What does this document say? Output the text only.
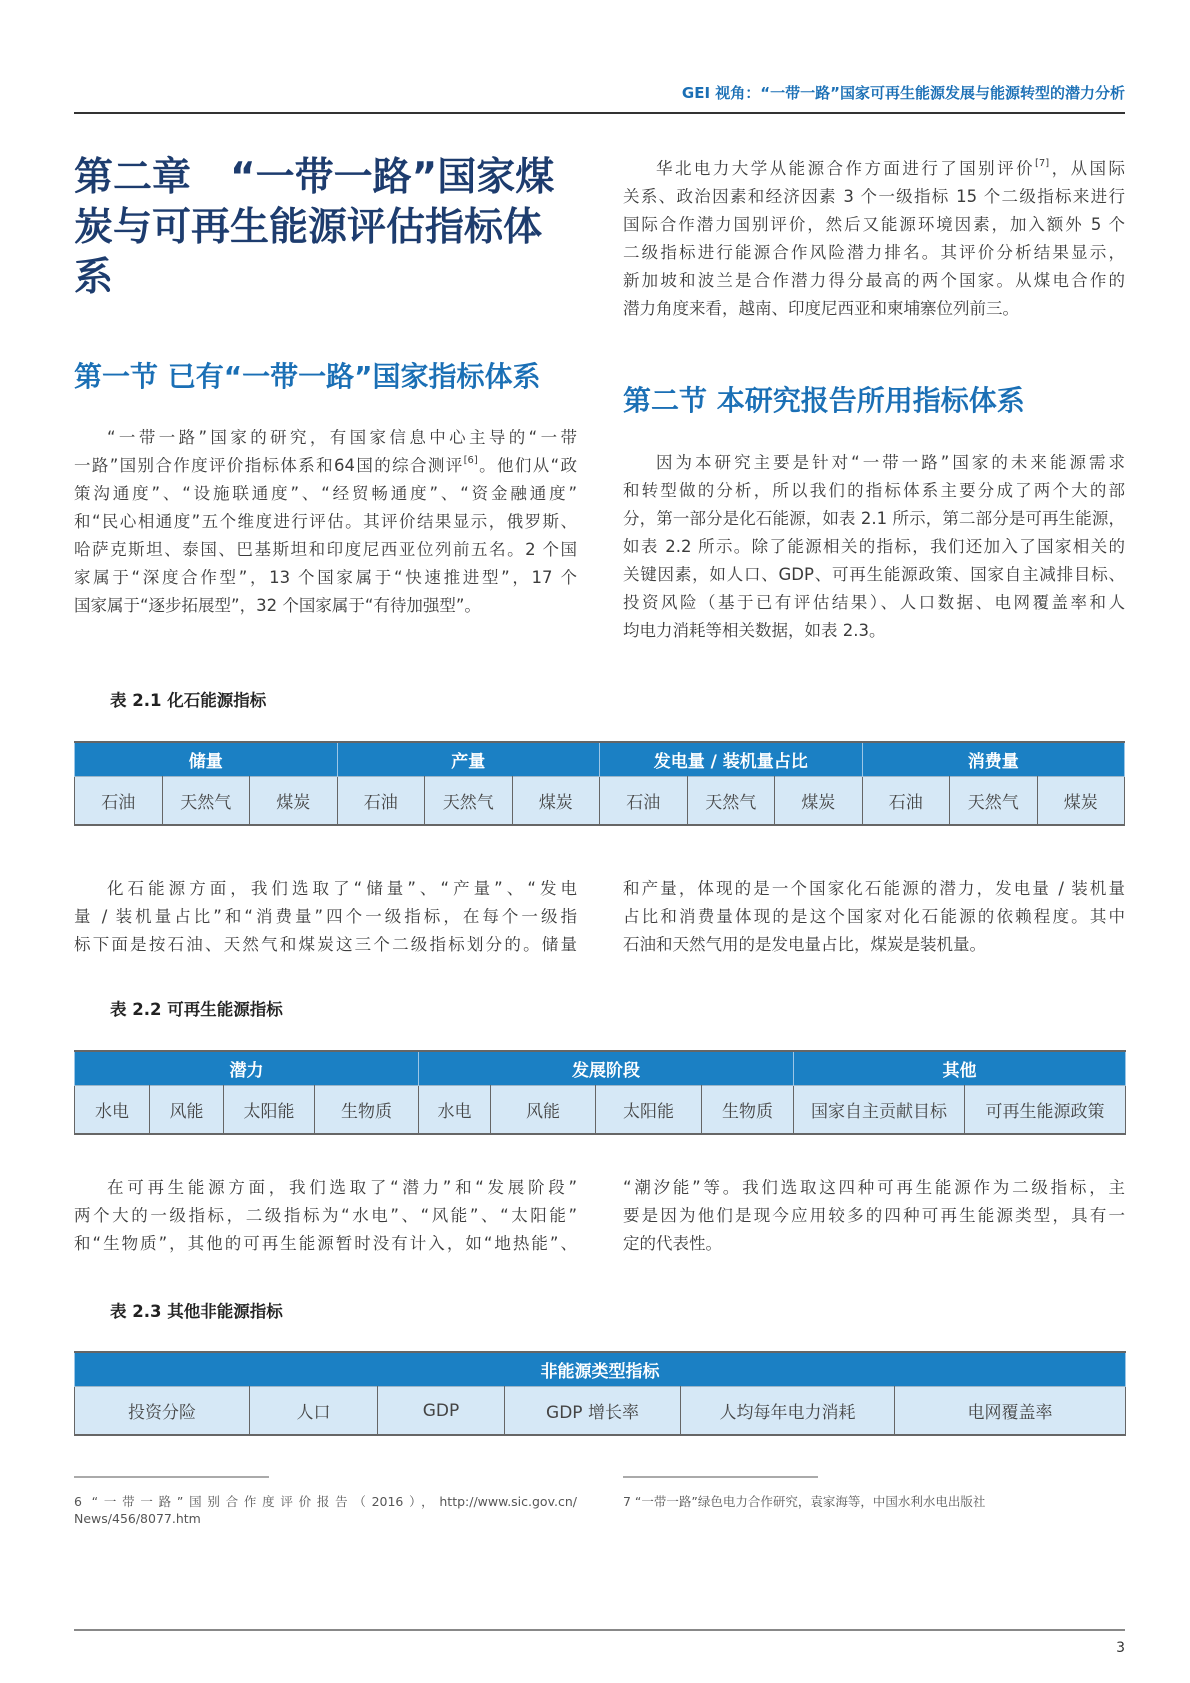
GEI 视角：“一带一路”国家可再生能源发展与能源转型的潜力分析
第二章　“一带一路”国家煤
炭与可再生能源评估指标体
系
第一节 已有“一带一路”国家指标体系
第二节 本研究报告所用指标体系
华北电力大学从能源合作方面进行了国别评价[7]，从国际
关系、政治因素和经济因素 3 个一级指标 15 个二级指标来进行
国际合作潜力国别评价，然后又能源环境因素，加入额外 5 个
二级指标进行能源合作风险潜力排名。其评价分析结果显示，
新加坡和波兰是合作潜力得分最高的两个国家。从煤电合作的
潜力角度来看，越南、印度尼西亚和柬埔寨位列前三。
“一带一路”国家的研究，有国家信息中心主导的“一带
一路”国别合作度评价指标体系和64国的综合测评[6]。他们从“政
策沟通度”、“设施联通度”、“经贸畅通度”、“资金融通度”
和“民心相通度”五个维度进行评估。其评价结果显示，俄罗斯、
哈萨克斯坦、泰国、巴基斯坦和印度尼西亚位列前五名。2 个国
家属于“深度合作型”，13 个国家属于“快速推进型”，17 个
国家属于“逐步拓展型”，32 个国家属于“有待加强型”。
因为本研究主要是针对“一带一路”国家的未来能源需求
和转型做的分析，所以我们的指标体系主要分成了两个大的部
分，第一部分是化石能源，如表 2.1 所示，第二部分是可再生能源，
如表 2.2 所示。除了能源相关的指标，我们还加入了国家相关的
关键因素，如人口、GDP、可再生能源政策、国家自主减排目标、
投资风险（基于已有评估结果）、人口数据、电网覆盖率和人
均电力消耗等相关数据，如表 2.3。
表 2.1 化石能源指标
储量			产量			发电量 / 装机量占比			消费量		
石油	天然气	煤炭	石油	天然气	煤炭	石油	天然气	煤炭	石油	天然气	煤炭
化石能源方面，我们选取了“储量”、“产量”、“发电
量 / 装机量占比”和“消费量”四个一级指标，在每个一级指
标下面是按石油、天然气和煤炭这三个二级指标划分的。储量
和产量，体现的是一个国家化石能源的潜力，发电量 / 装机量
占比和消费量体现的是这个国家对化石能源的依赖程度。其中
石油和天然气用的是发电量占比，煤炭是装机量。
表 2.2 可再生能源指标
潜力				发展阶段				其他	
水电	风能	太阳能	生物质	水电	风能	太阳能	生物质	国家自主贡献目标	可再生能源政策
在可再生能源方面，我们选取了“潜力”和“发展阶段”
两个大的一级指标，二级指标为“水电”、“风能”、“太阳能”
和“生物质”，其他的可再生能源暂时没有计入，如“地热能”、
“潮汐能”等。我们选取这四种可再生能源作为二级指标，主
要是因为他们是现今应用较多的四种可再生能源类型，具有一
定的代表性。
表 2.3 其他非能源指标
非能源类型指标
投资分险	人口	GDP	GDP 增长率	人均每年电力消耗	电网覆盖率
6 “一带一路”国别合作度评价报告（2016），http://www.sic.gov.cn/
News/456/8077.htm
7 “一带一路”绿色电力合作研究，袁家海等，中国水利水电出版社
3
